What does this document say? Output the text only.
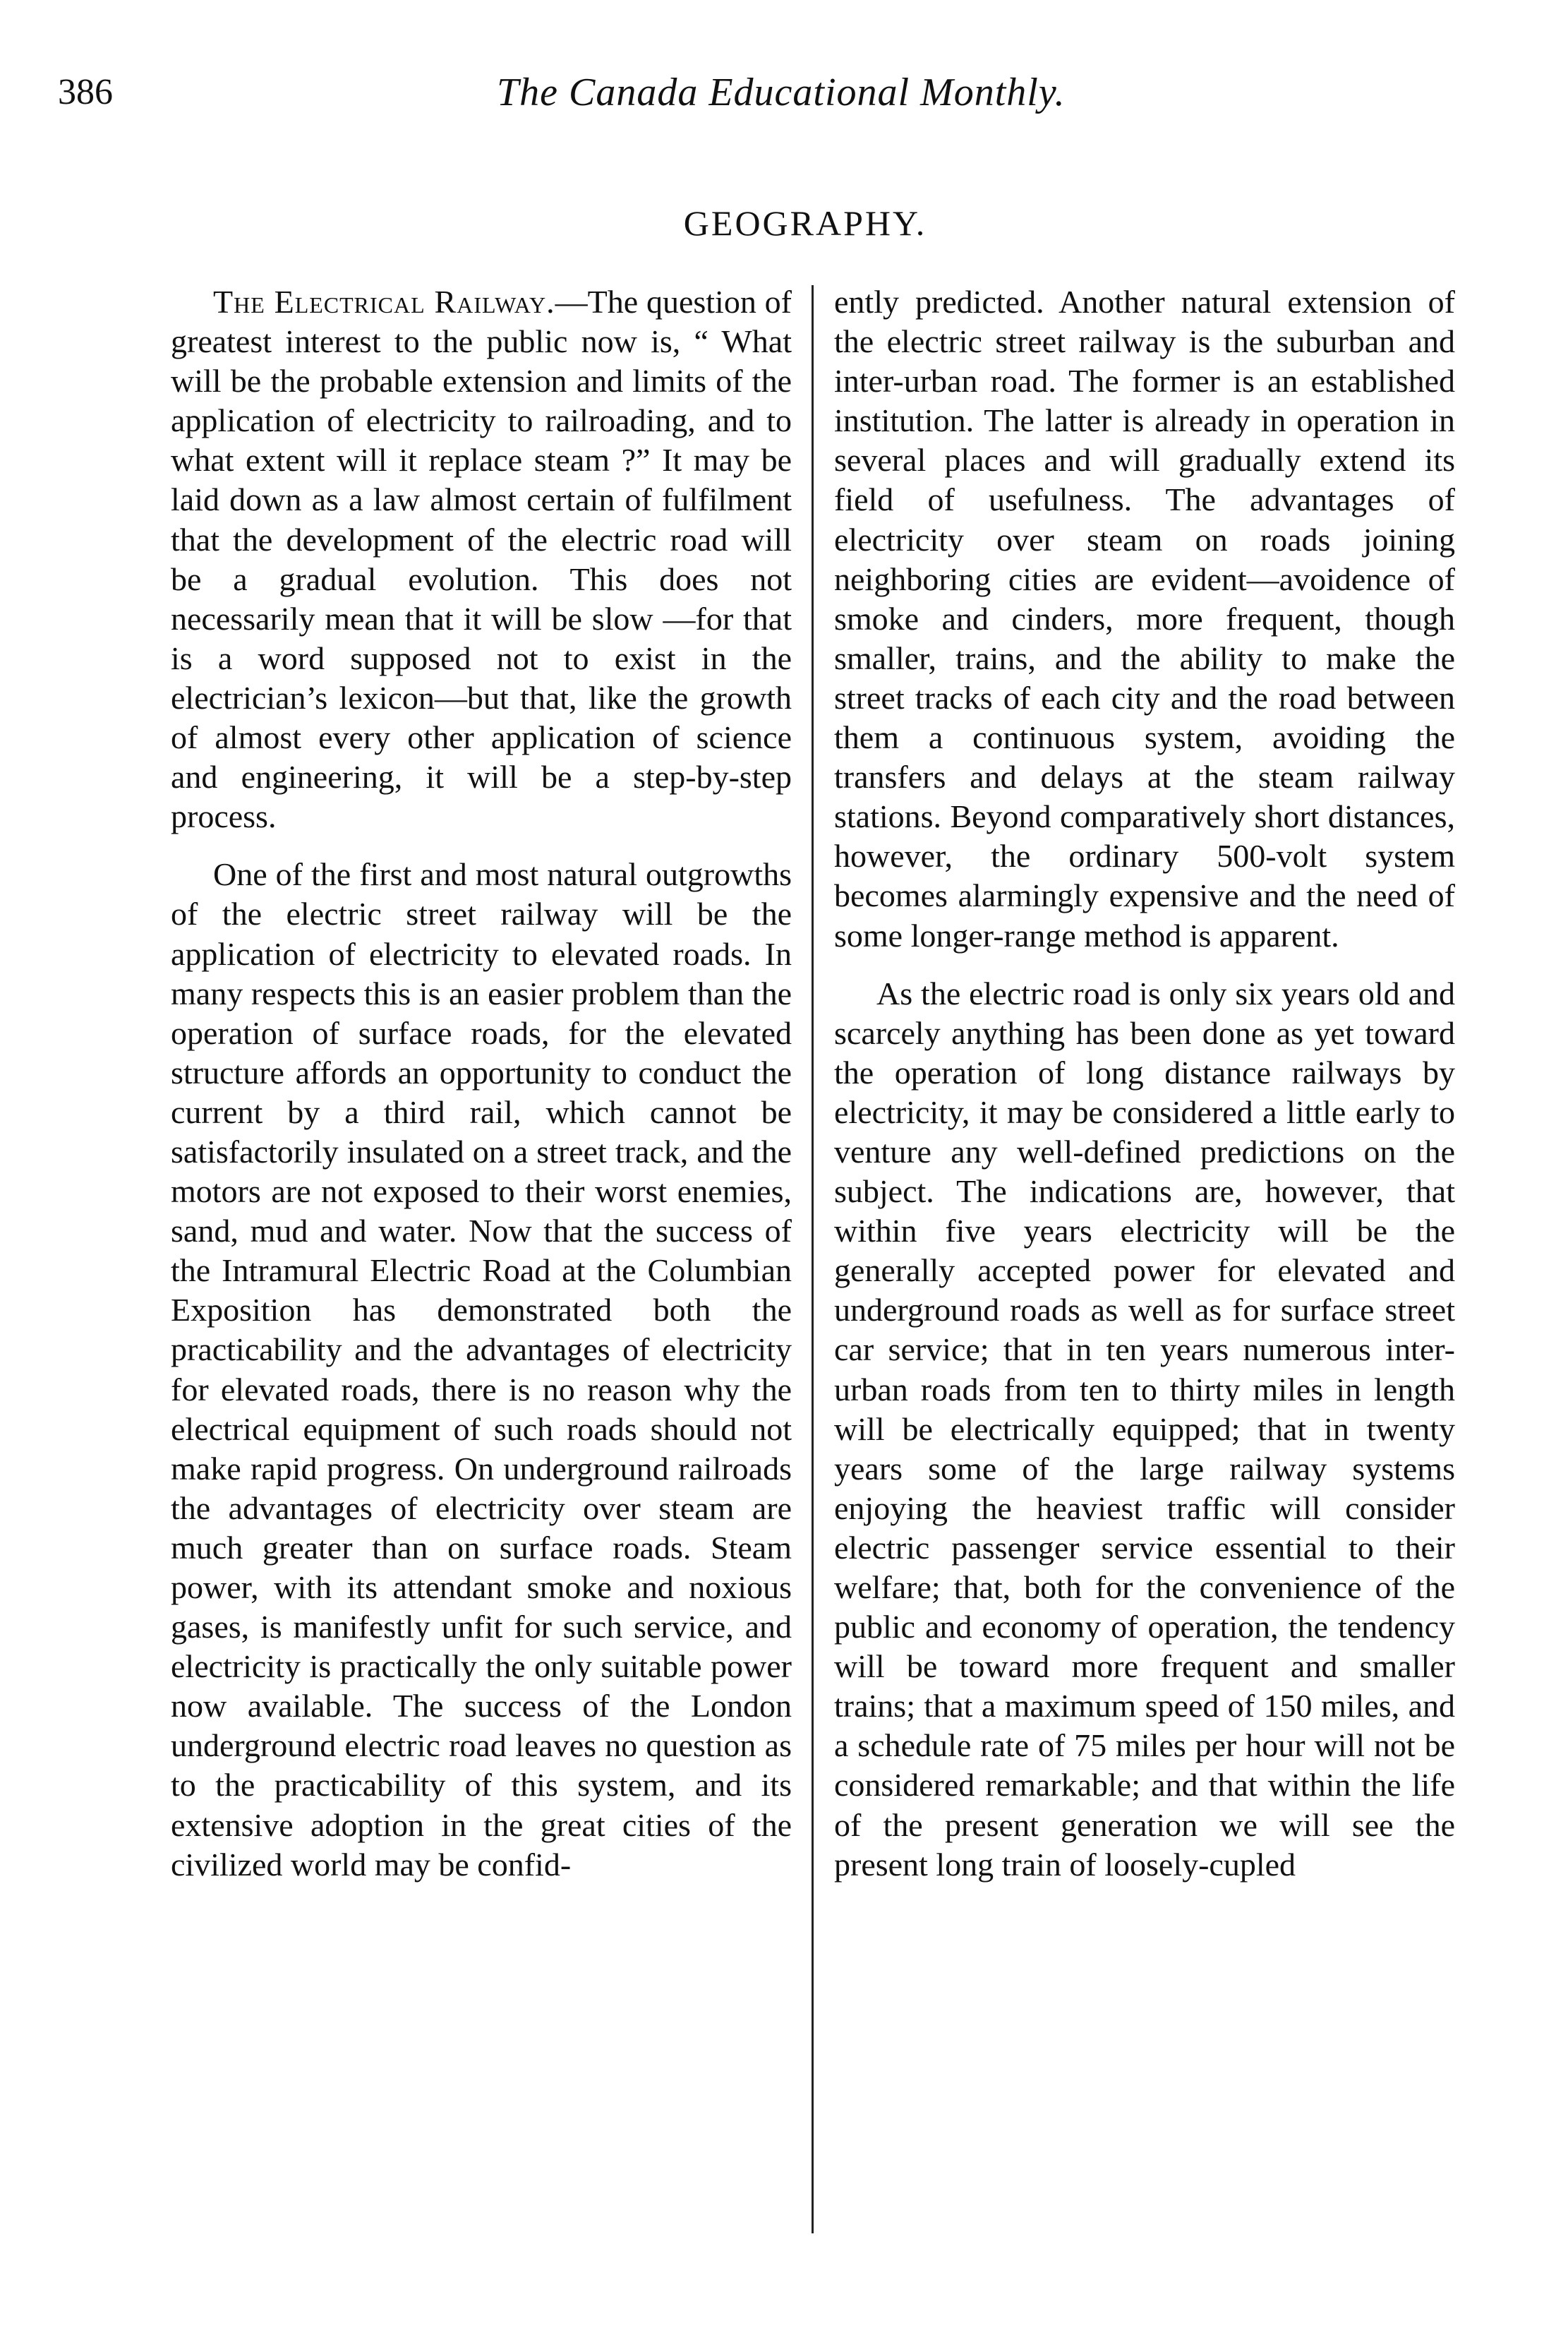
386	The Canada Educational Monthly.
GEOGRAPHY.

The Electrical Railway.—The question of greatest interest to the public now is, “ What will be the probable extension and limits of the application of electricity to railroading, and to what extent will it replace steam ?” It may be laid down as a law almost certain of fulfilment that the development of the electric road will be a gradual evolution. This does not necessarily mean that it will be slow —for that is a word supposed not to exist in the electrician’s lexicon—but that, like the growth of almost every other application of science and engineering, it will be a step-by-step process.

One of the first and most natural outgrowths of the electric street railway will be the application of electricity to elevated roads. In many respects this is an easier problem than the operation of surface roads, for the elevated structure affords an opportunity to conduct the current by a third rail, which cannot be satisfactorily insulated on a street track, and the motors are not exposed to their worst enemies, sand, mud and water. Now that the success of the Intramural Electric Road at the Columbian Exposition has demonstrated both the practicability and the advantages of electricity for elevated roads, there is no reason why the electrical equipment of such roads should not make rapid progress. On underground railroads the advantages of electricity over steam are much greater than on surface roads. Steam power, with its attendant smoke and noxious gases, is manifestly unfit for such service, and electricity is practically the only suitable power now available. The success of the London underground electric road leaves no question as to the practicability of this system, and its extensive adoption in the great cities of the civilized world may be confid-

ently predicted. Another natural extension of the electric street railway is the suburban and inter-urban road. The former is an established institution. The latter is already in operation in several places and will gradually extend its field of usefulness. The advantages of electricity over steam on roads joining neighboring cities are evident—avoidence of smoke and cinders, more frequent, though smaller, trains, and the ability to make the street tracks of each city and the road between them a continuous system, avoiding the transfers and delays at the steam railway stations. Beyond comparatively short distances, however, the ordinary 500-volt system becomes alarmingly expensive and the need of some longer-range method is apparent.

As the electric road is only six years old and scarcely anything has been done as yet toward the operation of long distance railways by electricity, it may be considered a little early to venture any well-defined predictions on the subject. The indications are, however, that within five years electricity will be the generally accepted power for elevated and underground roads as well as for surface street car service; that in ten years numerous inter-urban roads from ten to thirty miles in length will be electrically equipped; that in twenty years some of the large railway systems enjoying the heaviest traffic will consider electric passenger service essential to their welfare; that, both for the convenience of the public and economy of operation, the tendency will be toward more frequent and smaller trains; that a maximum speed of 150 miles, and a schedule rate of 75 miles per hour will not be considered remarkable; and that within the life of the present generation we will see the present long train of loosely-cupled
